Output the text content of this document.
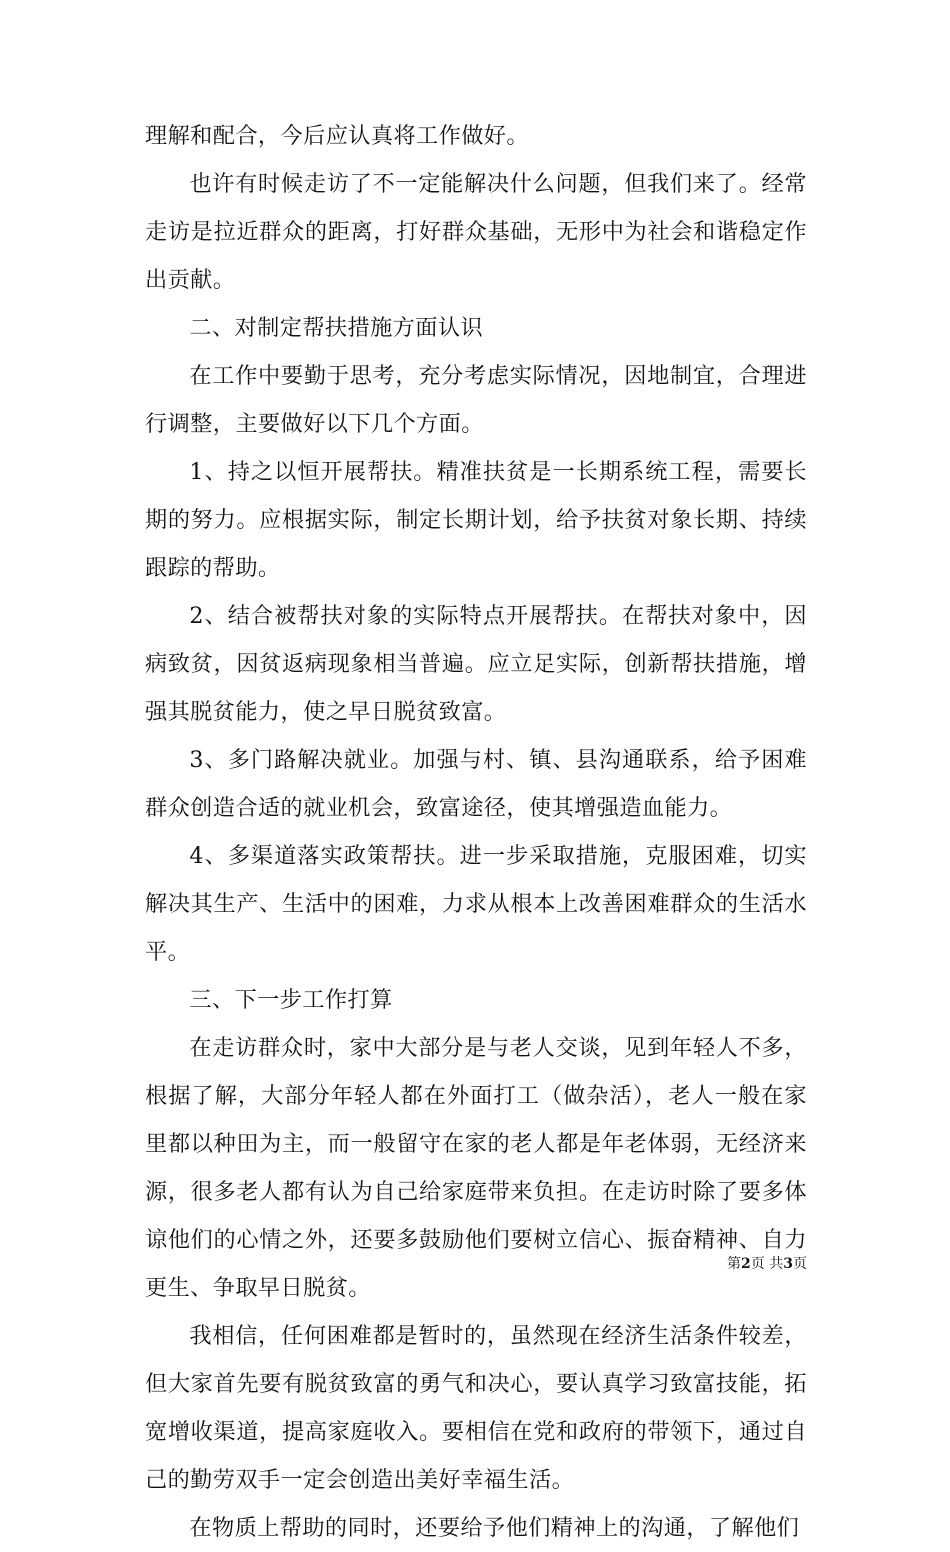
理解和配合，今后应认真将工作做好。

也许有时候走访了不一定能解决什么问题，但我们来了。经常走访是拉近群众的距离，打好群众基础，无形中为社会和谐稳定作出贡献。

二、对制定帮扶措施方面认识

在工作中要勤于思考，充分考虑实际情况，因地制宜，合理进行调整，主要做好以下几个方面。

1、持之以恒开展帮扶。精准扶贫是一长期系统工程，需要长期的努力。应根据实际，制定长期计划，给予扶贫对象长期、持续跟踪的帮助。

2、结合被帮扶对象的实际特点开展帮扶。在帮扶对象中，因病致贫，因贫返病现象相当普遍。应立足实际，创新帮扶措施，增强其脱贫能力，使之早日脱贫致富。

3、多门路解决就业。加强与村、镇、县沟通联系，给予困难群众创造合适的就业机会，致富途径，使其增强造血能力。

4、多渠道落实政策帮扶。进一步采取措施，克服困难，切实解决其生产、生活中的困难，力求从根本上改善困难群众的生活水平。

三、下一步工作打算

在走访群众时，家中大部分是与老人交谈，见到年轻人不多，根据了解，大部分年轻人都在外面打工（做杂活），老人一般在家里都以种田为主，而一般留守在家的老人都是年老体弱，无经济来源，很多老人都有认为自己给家庭带来负担。在走访时除了要多体谅他们的心情之外，还要多鼓励他们要树立信心、振奋精神、自力更生、争取早日脱贫。

我相信，任何困难都是暂时的，虽然现在经济生活条件较差，但大家首先要有脱贫致富的勇气和决心，要认真学习致富技能，拓宽增收渠道，提高家庭收入。要相信在党和政府的带领下，通过自己的勤劳双手一定会创造出美好幸福生活。

在物质上帮助的同时，还要给予他们精神上的沟通，了解他们

第2页 共3页
